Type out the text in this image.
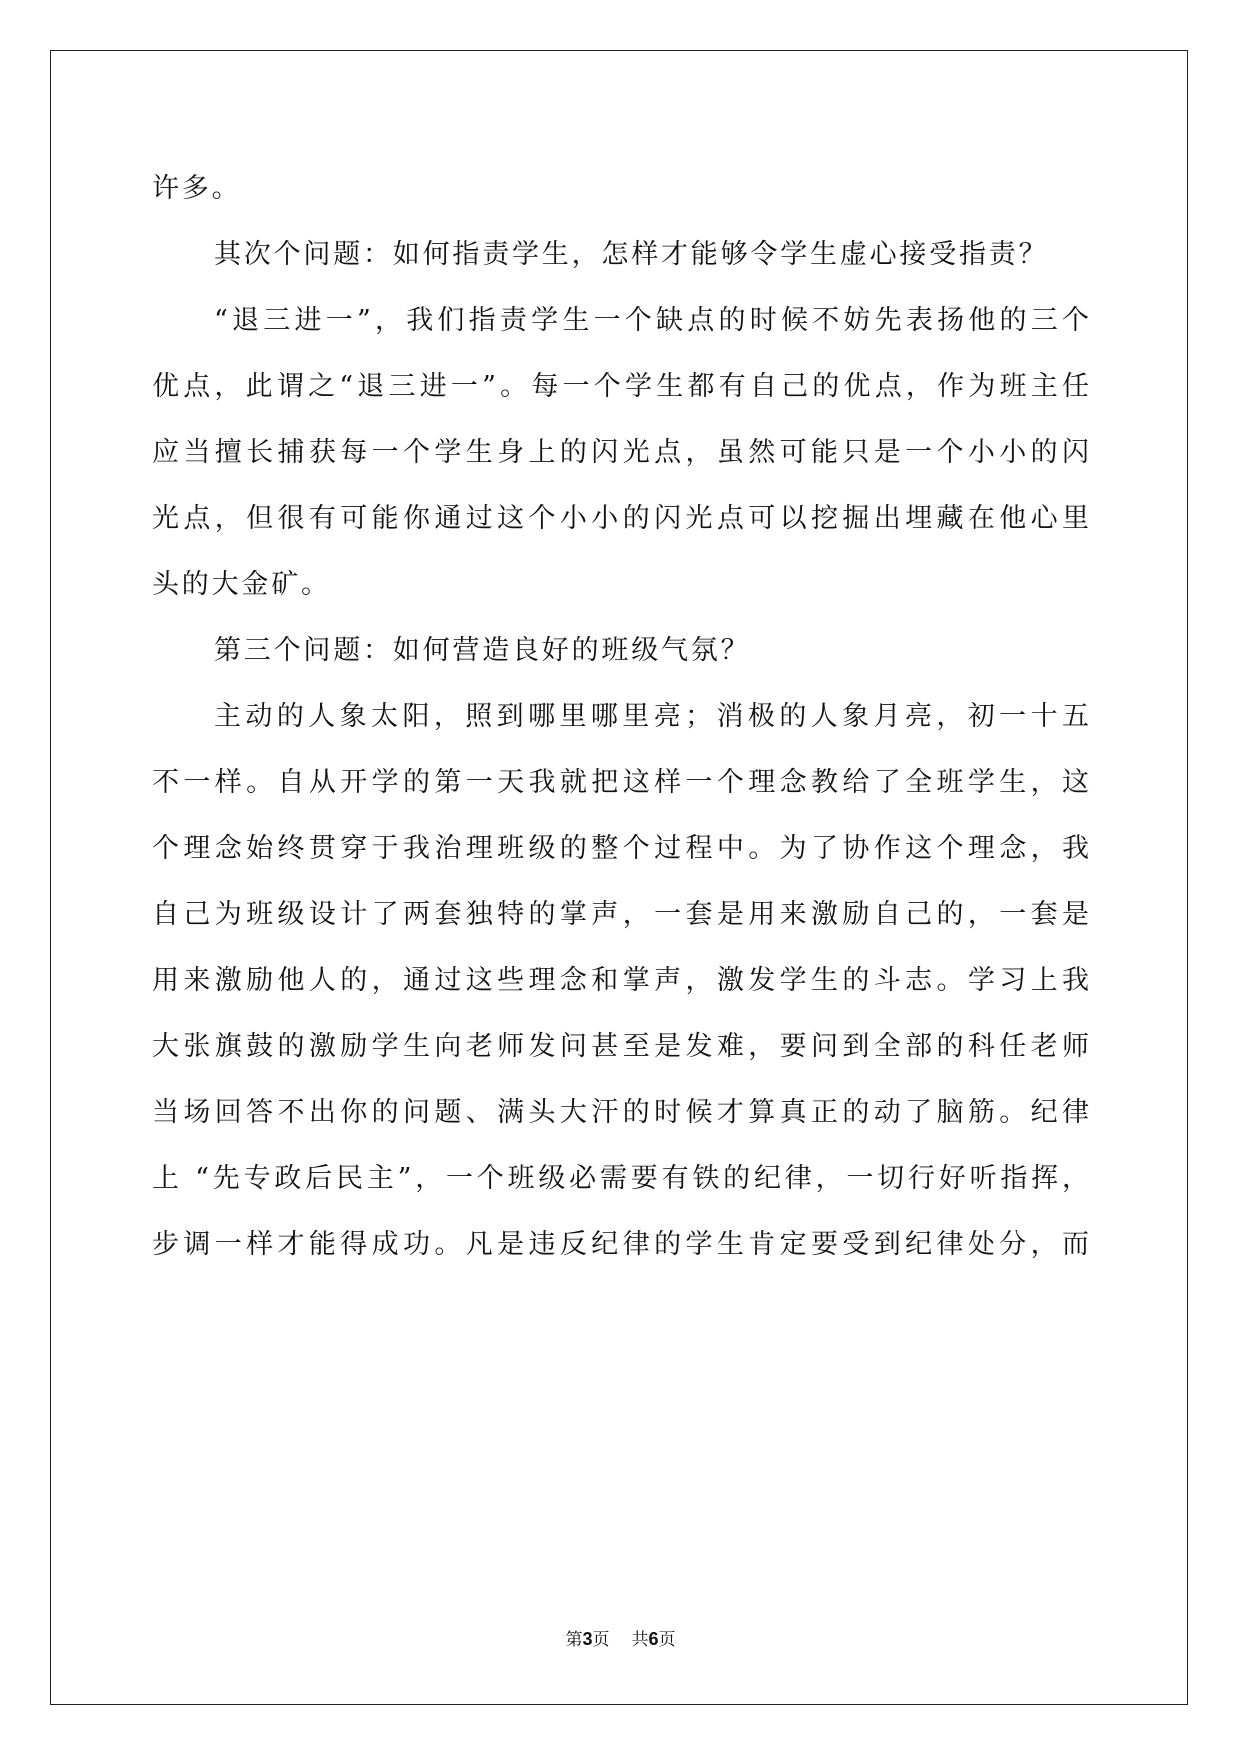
许多。
其次个问题：如何指责学生，怎样才能够令学生虚心接受指责？
“退三进一”，我们指责学生一个缺点的时候不妨先表扬他的三个
优点，此谓之“退三进一”。每一个学生都有自己的优点，作为班主任
应当擅长捕获每一个学生身上的闪光点，虽然可能只是一个小小的闪
光点，但很有可能你通过这个小小的闪光点可以挖掘出埋藏在他心里
头的大金矿。
第三个问题：如何营造良好的班级气氛？
主动的人象太阳，照到哪里哪里亮；消极的人象月亮，初一十五
不一样。自从开学的第一天我就把这样一个理念教给了全班学生，这
个理念始终贯穿于我治理班级的整个过程中。为了协作这个理念，我
自己为班级设计了两套独特的掌声，一套是用来激励自己的，一套是
用来激励他人的，通过这些理念和掌声，激发学生的斗志。学习上我
大张旗鼓的激励学生向老师发问甚至是发难，要问到全部的科任老师
当场回答不出你的问题、满头大汗的时候才算真正的动了脑筋。纪律
上 “先专政后民主”，一个班级必需要有铁的纪律，一切行好听指挥，
步调一样才能得成功。凡是违反纪律的学生肯定要受到纪律处分，而
第3页 共6页
